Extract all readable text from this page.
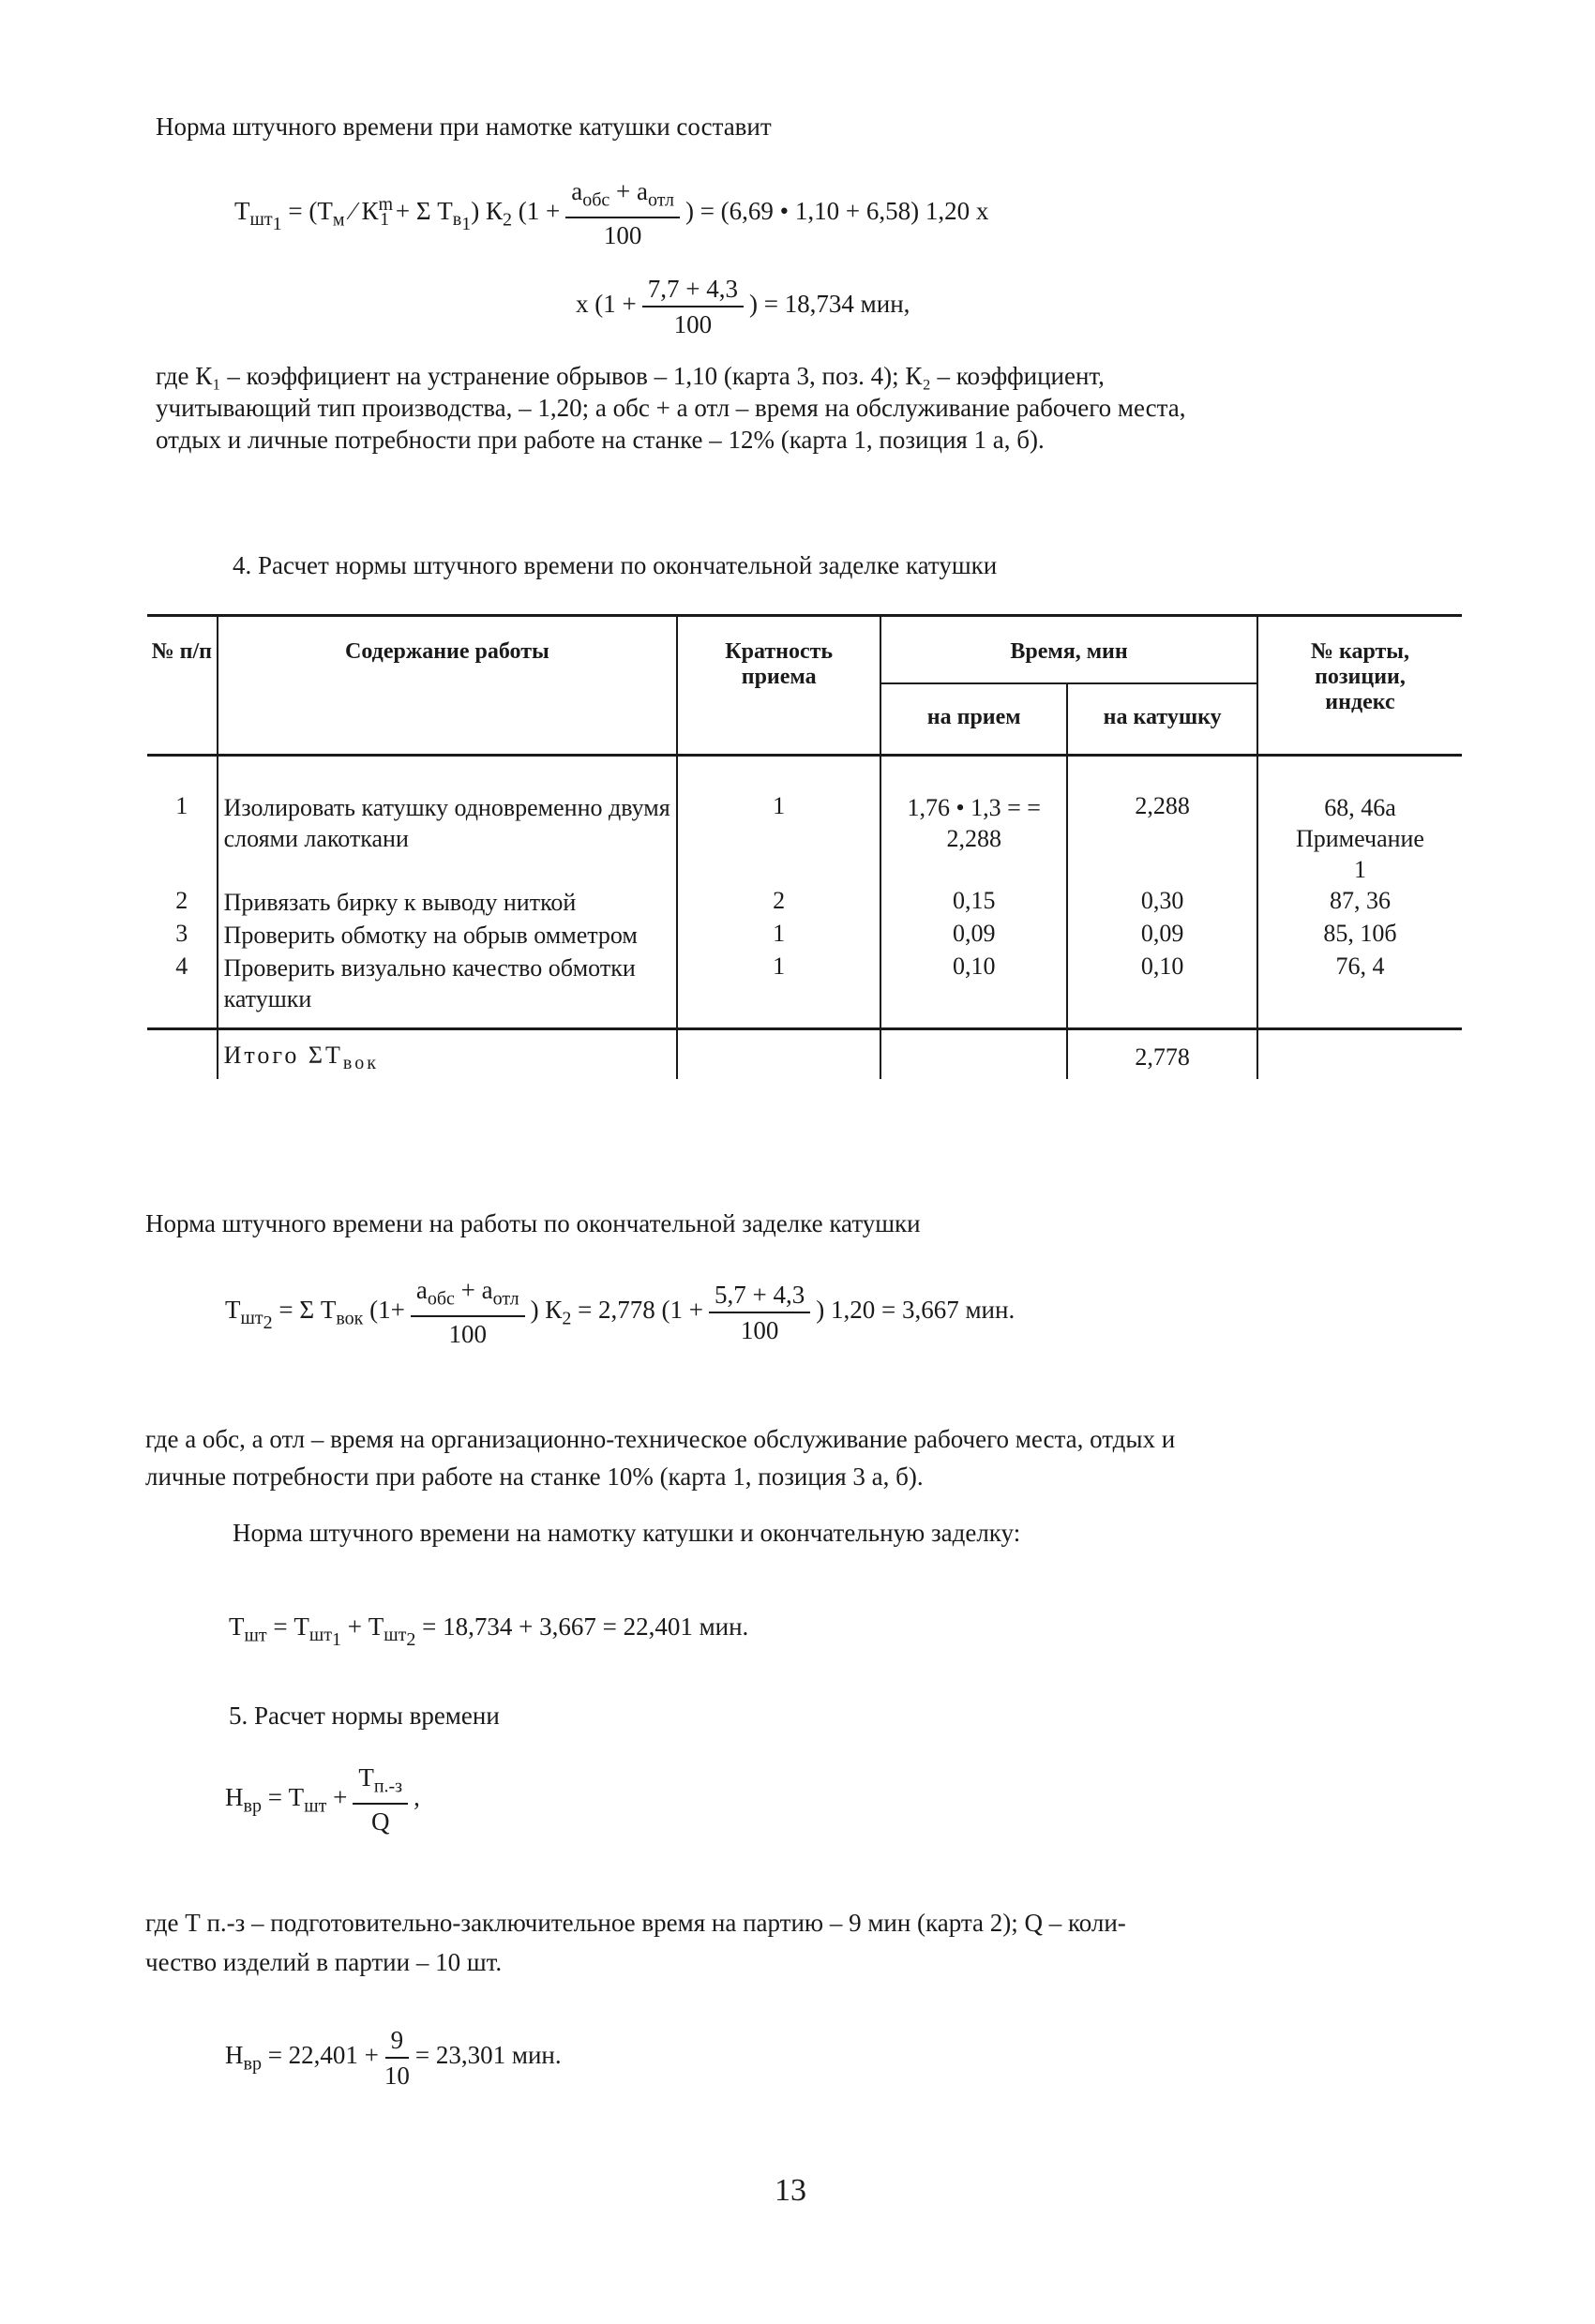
Норма штучного времени при намотке катушки составит
$Т_{шт_1} = (Т_м$ ⁄ $К^m_1 + \Sigma$ $Т_{в_1}$) $К_2$ ($1 + \frac{a_{обс} + a_{отл}}{100}$ ) = (6,69 • 1,10 + 6,58) 1,20 х
х ($1 + \frac{7,7 + 4,3}{100}$ ) = 18,734 мин,
где К₁ – коэффициент на устранение обрывов – 1,10 (карта 3, поз. 4); К₂ – коэффициент,
учитывающий тип производства, – 1,20; a обс + a отл – время на обслуживание рабочего места,
отдых и личные потребности при работе на станке – 12% (карта 1, позиция 1 а, б).
4. Расчет нормы штучного времени по окончательной заделке катушки
№ п/п	Содержание работы	Кратность приема	Время, мин		№ карты, позиции, индекс
			на прием	на катушку	
1	Изолировать катушку одновременно двумя слоями лакоткани	1	1,76 • 1,3 = = 2,288	2,288	68, 46а Примечание 1
2	Привязать бирку к выводу ниткой	2	0,15	0,30	87, 36
3	Проверить обмотку на обрыв омметром	1	0,09	0,09	85, 10б
4	Проверить визуально качество обмотки катушки	1	0,10	0,10	76, 4
	Итого $\Sigma Т_{вок}$			2,778	
Норма штучного времени на работы по окончательной заделке катушки
$Т_{шт_2} = \Sigma$ $Т_{вок}$ ($1+ \frac{a_{обс} + a_{отл}}{100}$ ) $К_2 = 2,778$ ($1 + \frac{5,7 + 4,3}{100}$ ) 1,20 = 3,667 мин.
где a обс, a отл – время на организационно-техническое обслуживание рабочего места, отдых и
личные потребности при работе на станке 10% (карта 1, позиция 3 а, б).
Норма штучного времени на намотку катушки и окончательную заделку:
$Т_{шт} = Т_{шт_1} + Т_{шт_2} = 18,734 + 3,667 = 22,401$ мин.
5. Расчет нормы времени
$Н_{вр} = Т_{шт} + \frac{Т_{п.-з}}{Q}$ ,
где Т п.-з – подготовительно-заключительное время на партию – 9 мин (карта 2); Q – коли-
чество изделий в партии – 10 шт.
$Н_{вр} = 22,401 + \frac{9}{10} = 23,301$ мин.
13
